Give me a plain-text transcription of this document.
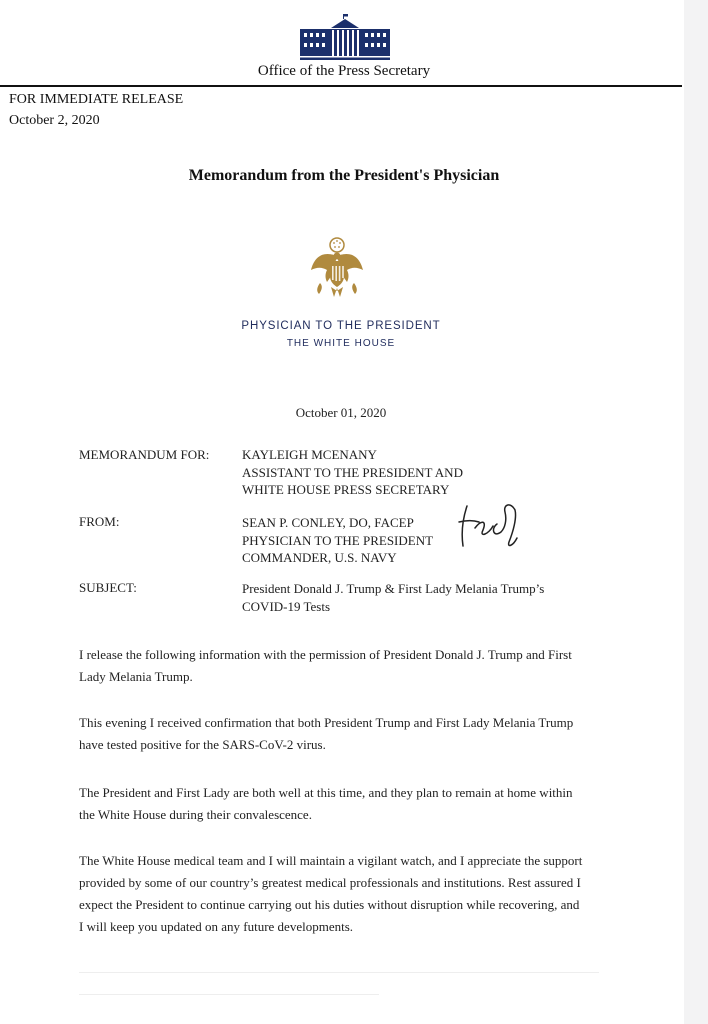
Office of the Press Secretary
FOR IMMEDIATE RELEASE
October 2, 2020
Memorandum from the President's Physician
PHYSICIAN TO THE PRESIDENT
THE WHITE HOUSE
October 01, 2020
MEMORANDUM FOR:	KAYLEIGH MCENANY
ASSISTANT TO THE PRESIDENT AND
WHITE HOUSE PRESS SECRETARY
FROM:	SEAN P. CONLEY, DO, FACEP
PHYSICIAN TO THE PRESIDENT
COMMANDER, U.S. NAVY
SUBJECT:	President Donald J. Trump & First Lady Melania Trump’s
COVID-19 Tests
I release the following information with the permission of President Donald J. Trump and First
Lady Melania Trump.
This evening I received confirmation that both President Trump and First Lady Melania Trump
have tested positive for the SARS-CoV-2 virus.
The President and First Lady are both well at this time, and they plan to remain at home within
the White House during their convalescence.
The White House medical team and I will maintain a vigilant watch, and I appreciate the support
provided by some of our country’s greatest medical professionals and institutions. Rest assured I
expect the President to continue carrying out his duties without disruption while recovering, and
I will keep you updated on any future developments.
